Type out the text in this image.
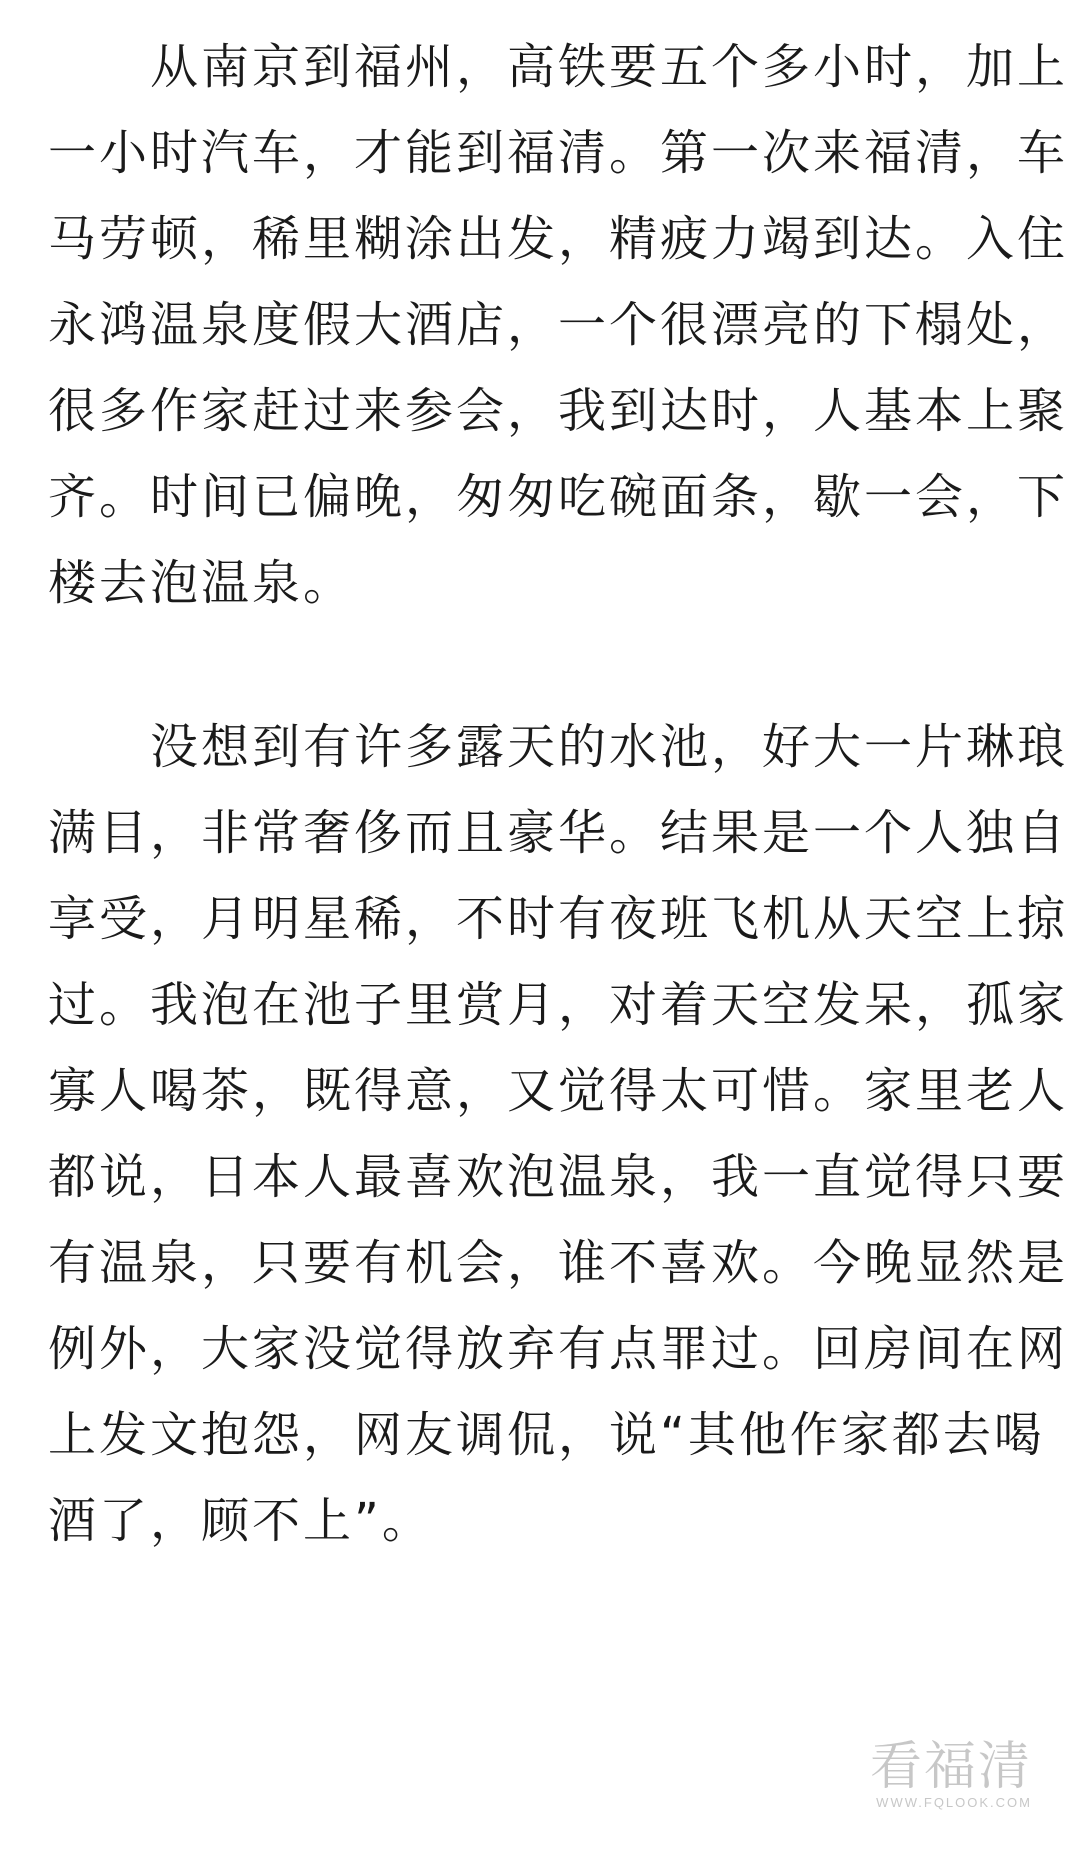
　　从南京到福州，高铁要五个多小时，加上
一小时汽车，才能到福清。第一次来福清，车
马劳顿，稀里糊涂出发，精疲力竭到达。入住
永鸿温泉度假大酒店，一个很漂亮的下榻处，
很多作家赶过来参会，我到达时，人基本上聚
齐。时间已偏晚，匆匆吃碗面条，歇一会，下
楼去泡温泉。
　　没想到有许多露天的水池，好大一片琳琅
满目，非常奢侈而且豪华。结果是一个人独自
享受，月明星稀，不时有夜班飞机从天空上掠
过。我泡在池子里赏月，对着天空发呆，孤家
寡人喝茶，既得意，又觉得太可惜。家里老人
都说，日本人最喜欢泡温泉，我一直觉得只要
有温泉，只要有机会，谁不喜欢。今晚显然是
例外，大家没觉得放弃有点罪过。回房间在网
上发文抱怨，网友调侃，说“其他作家都去喝
酒了，顾不上”。
看福清
WWW.FQLOOK.COM
